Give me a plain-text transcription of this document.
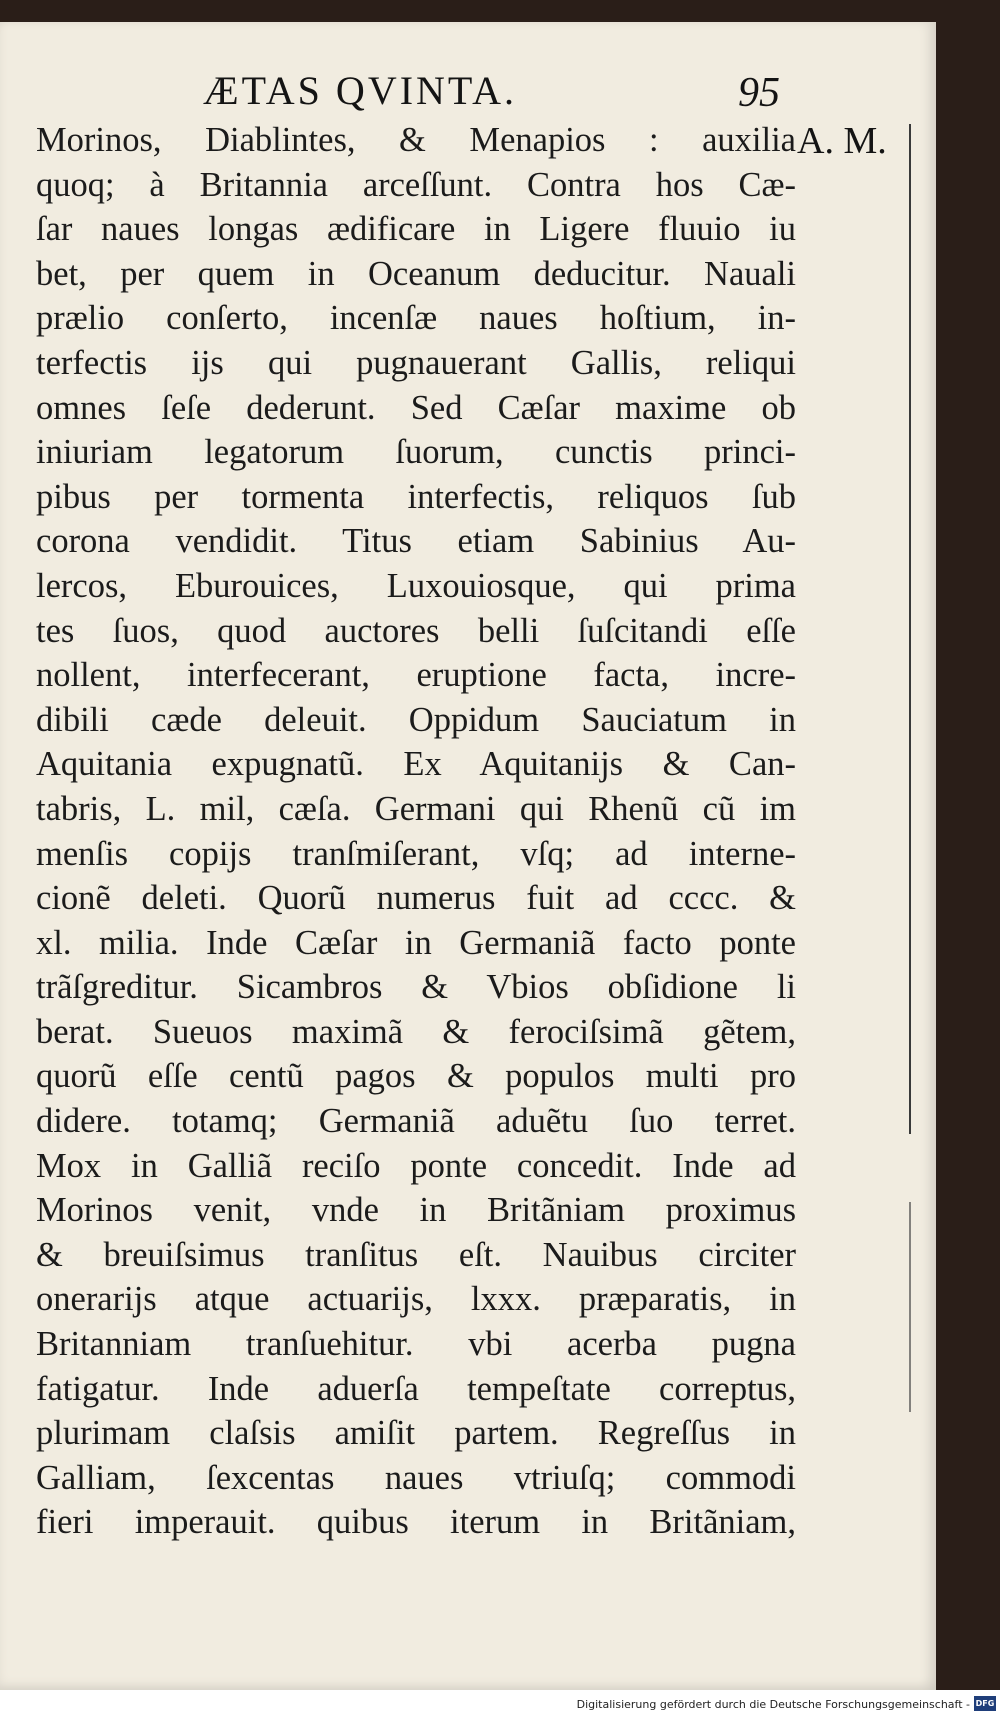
ÆTAS QVINTA.	95
A. M.
Morinos, Diablintes, & Menapios : auxilia
quoq; à Britannia arceſſunt. Contra hos Cæ-
ſar naues longas ædificare in Ligere fluuio iu
bet, per quem in Oceanum deducitur. Nauali
prælio conſerto, incenſæ naues hoſtium, in-
terfectis ijs qui pugnauerant Gallis, reliqui
omnes ſeſe dederunt. Sed Cæſar maxime ob
iniuriam legatorum ſuorum, cunctis princi-
pibus per tormenta interfectis, reliquos ſub
corona vendidit. Titus etiam Sabinius Au-
lercos, Eburouices, Luxouiosque, qui prima
tes ſuos, quod auctores belli ſuſcitandi eſſe
nollent, interfecerant, eruptione facta, incre-
dibili cæde deleuit. Oppidum Sauciatum in
Aquitania expugnatũ. Ex Aquitanijs & Can-
tabris, L. mil, cæſa. Germani qui Rhenũ cũ im
menſis copijs tranſmiſerant, vſq; ad interne-
cionẽ deleti. Quorũ numerus fuit ad cccc. &
xl. milia. Inde Cæſar in Germaniã facto ponte
trãſgreditur. Sicambros & Vbios obſidione li
berat. Sueuos maximã & ferociſsimã gẽtem,
quorũ eſſe centũ pagos & populos multi pro
didere. totamq; Germaniã aduẽtu ſuo terret.
Mox in Galliã reciſo ponte concedit. Inde ad
Morinos venit, vnde in Britãniam proximus
& breuiſsimus tranſitus eſt. Nauibus circiter
onerarijs atque actuarijs, lxxx. præparatis, in
Britanniam tranſuehitur. vbi acerba pugna
fatigatur. Inde aduerſa tempeſtate correptus,
plurimam claſsis amiſit partem. Regreſſus in
Galliam, ſexcentas naues vtriuſq; commodi
fieri imperauit. quibus iterum in Britãniam,
Digitalisierung gefördert durch die Deutsche Forschungsgemeinschaft - DFG
